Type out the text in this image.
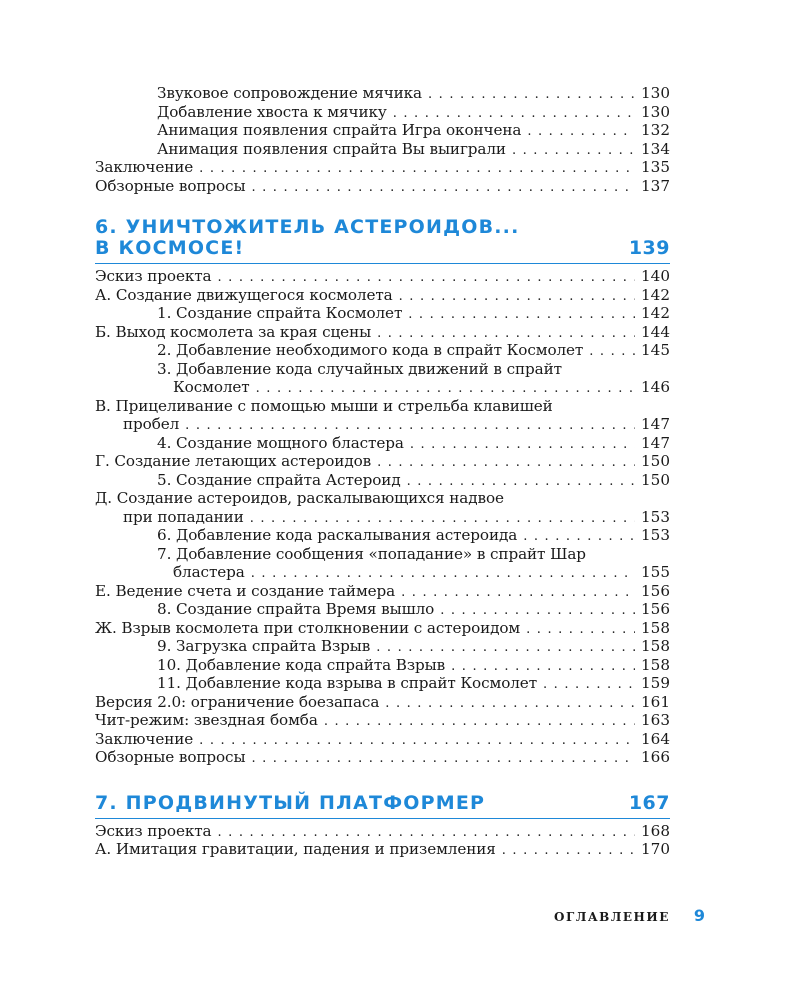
Звуковое сопровождение мячика . . .	130
Добавление хвоста к мячику . . .	130
Анимация появления спрайта Игра окончена . . .	132
Анимация появления спрайта Вы выиграли . . .	134
Заключение . . .	135
Обзорные вопросы . . .	137
6. УНИЧТОЖИТЕЛЬ АСТЕРОИДОВ...
В КОСМОСЕ!	139
Эскиз проекта . . .	140
А. Создание движущегося космолета . . .	142
1. Создание спрайта Космолет . . .	142
Б. Выход космолета за края сцены . . .	144
2. Добавление необходимого кода в спрайт Космолет . . .	145
3. Добавление кода случайных движений в спрайт
Космолет . . .	146
В. Прицеливание с помощью мыши и стрельба клавишей
пробел . . .	147
4. Создание мощного бластера . . .	147
Г. Создание летающих астероидов . . .	150
5. Создание спрайта Астероид . . .	150
Д. Создание астероидов, раскалывающихся надвое
при попадании . . .	153
6. Добавление кода раскалывания астероида . . .	153
7. Добавление сообщения «попадание» в спрайт Шар
бластера . . .	155
Е. Ведение счета и создание таймера . . .	156
8. Создание спрайта Время вышло . . .	156
Ж. Взрыв космолета при столкновении с астероидом . . .	158
9. Загрузка спрайта Взрыв . . .	158
10. Добавление кода спрайта Взрыв . . .	158
11. Добавление кода взрыва в спрайт Космолет . . .	159
Версия 2.0: ограничение боезапаса . . .	161
Чит-режим: звездная бомба . . .	163
Заключение . . .	164
Обзорные вопросы . . .	166
7. ПРОДВИНУТЫЙ ПЛАТФОРМЕР	167
Эскиз проекта . . .	168
А. Имитация гравитации, падения и приземления . . .	170
ОГЛАВЛЕНИЕ 9
